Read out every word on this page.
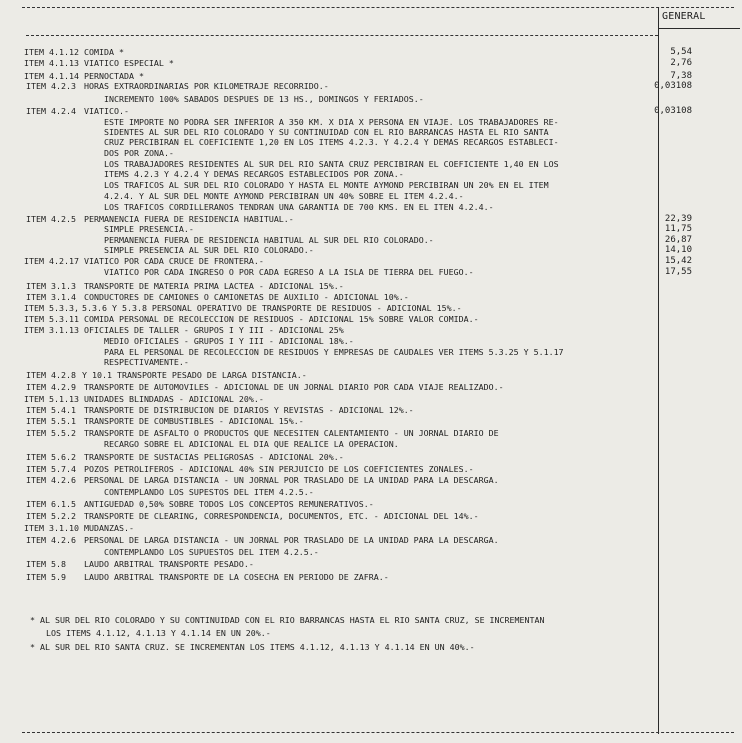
GENERAL
ITEM 4.1.12 COMIDA *	5,54
ITEM 4.1.13 VIATICO ESPECIAL *	2,76
ITEM 4.1.14 PERNOCTADA *	7,38
ITEM 4.2.3 HORAS EXTRAORDINARIAS POR KILOMETRAJE RECORRIDO.-	0,03108
INCREMENTO 100% SABADOS DESPUES DE 13 HS., DOMINGOS Y FERIADOS.-
ITEM 4.2.4 VIATICO.-	0,03108
ESTE IMPORTE NO PODRA SER INFERIOR A 350 KM. X DIA X PERSONA EN VIAJE. LOS TRABAJADORES RE-
SIDENTES AL SUR DEL RIO COLORADO Y SU CONTINUIDAD CON EL RIO BARRANCAS HASTA EL RIO SANTA
CRUZ PERCIBIRAN EL COEFICIENTE 1,20 EN LOS ITEMS 4.2.3. Y 4.2.4 Y DEMAS RECARGOS ESTABLECI-
DOS POR ZONA.-
LOS TRABAJADORES RESIDENTES AL SUR DEL RIO SANTA CRUZ PERCIBIRAN EL COEFICIENTE 1,40 EN LOS
ITEMS 4.2.3 Y 4.2.4 Y DEMAS RECARGOS ESTABLECIDOS POR ZONA.-
LOS TRAFICOS AL SUR DEL RIO COLORADO Y HASTA EL MONTE AYMOND PERCIBIRAN UN 20% EN EL ITEM
4.2.4. Y AL SUR DEL MONTE AYMOND PERCIBIRAN UN 40% SOBRE EL ITEM 4.2.4.-
LOS TRAFICOS CORDILLERANOS TENDRAN UNA GARANTIA DE 700 KMS. EN EL ITEN 4.2.4.-
ITEM 4.2.5 PERMANENCIA FUERA DE RESIDENCIA HABITUAL.-	22,39
SIMPLE PRESENCIA.-	11,75
PERMANENCIA FUERA DE RESIDENCIA HABITUAL AL SUR DEL RIO COLORADO.-	26,87
SIMPLE PRESENCIA AL SUR DEL RIO COLORADO.-	14,10
ITEM 4.2.17 VIATICO POR CADA CRUCE DE FRONTERA.-	15,42
VIATICO POR CADA INGRESO O POR CADA EGRESO A LA ISLA DE TIERRA DEL FUEGO.-	17,55
ITEM 3.1.3 TRANSPORTE DE MATERIA PRIMA LACTEA - ADICIONAL 15%.-
ITEM 3.1.4 CONDUCTORES DE CAMIONES O CAMIONETAS DE AUXILIO - ADICIONAL 10%.-
ITEM 5.3.3, 5.3.6 Y 5.3.8 PERSONAL OPERATIVO DE TRANSPORTE DE RESIDUOS - ADICIONAL 15%.-
ITEM 5.3.11 COMIDA PERSONAL DE RECOLECCION DE RESIDUOS - ADICIONAL 15% SOBRE VALOR COMIDA.-
ITEM 3.1.13 OFICIALES DE TALLER - GRUPOS I Y III - ADICIONAL 25%
MEDIO OFICIALES - GRUPOS I Y III - ADICIONAL 18%.-
PARA EL PERSONAL DE RECOLECCION DE RESIDUOS Y EMPRESAS DE CAUDALES VER ITEMS 5.3.25 Y 5.1.17
RESPECTIVAMENTE.-
ITEM 4.2.8 Y 10.1 TRANSPORTE PESADO DE LARGA DISTANCIA.-
ITEM 4.2.9 TRANSPORTE DE AUTOMOVILES - ADICIONAL DE UN JORNAL DIARIO POR CADA VIAJE REALIZADO.-
ITEM 5.1.13 UNIDADES BLINDADAS - ADICIONAL 20%.-
ITEM 5.4.1 TRANSPORTE DE DISTRIBUCION DE DIARIOS Y REVISTAS - ADICIONAL 12%.-
ITEM 5.5.1 TRANSPORTE DE COMBUSTIBLES - ADICIONAL 15%.-
ITEM 5.5.2 TRANSPORTE DE ASFALTO O PRODUCTOS QUE NECESITEN CALENTAMIENTO - UN JORNAL DIARIO DE
RECARGO SOBRE EL ADICIONAL EL DIA QUE REALICE LA OPERACION.
ITEM 5.6.2 TRANSPORTE DE SUSTACIAS PELIGROSAS - ADICIONAL 20%.-
ITEM 5.7.4 POZOS PETROLIFEROS - ADICIONAL 40% SIN PERJUICIO DE LOS COEFICIENTES ZONALES.-
ITEM 4.2.6 PERSONAL DE LARGA DISTANCIA - UN JORNAL POR TRASLADO DE LA UNIDAD PARA LA DESCARGA.
CONTEMPLANDO LOS SUPESTOS DEL ITEM 4.2.5.-
ITEM 6.1.5 ANTIGUEDAD 0,50% SOBRE TODOS LOS CONCEPTOS REMUNERATIVOS.-
ITEM 5.2.2 TRANSPORTE DE CLEARING, CORRESPONDENCIA, DOCUMENTOS, ETC. - ADICIONAL DEL 14%.-
ITEM 3.1.10 MUDANZAS.-
ITEM 4.2.6 PERSONAL DE LARGA DISTANCIA - UN JORNAL POR TRASLADO DE LA UNIDAD PARA LA DESCARGA.
CONTEMPLANDO LOS SUPUESTOS DEL ITEM 4.2.5.-
ITEM 5.8 LAUDO ARBITRAL TRANSPORTE PESADO.-
ITEM 5.9 LAUDO ARBITRAL TRANSPORTE DE LA COSECHA EN PERIODO DE ZAFRA.-
* AL SUR DEL RIO COLORADO Y SU CONTINUIDAD CON EL RIO BARRANCAS HASTA EL RIO SANTA CRUZ, SE INCREMENTAN
LOS ITEMS 4.1.12, 4.1.13 Y 4.1.14 EN UN 20%.-
* AL SUR DEL RIO SANTA CRUZ. SE INCREMENTAN LOS ITEMS 4.1.12, 4.1.13 Y 4.1.14 EN UN 40%.-
